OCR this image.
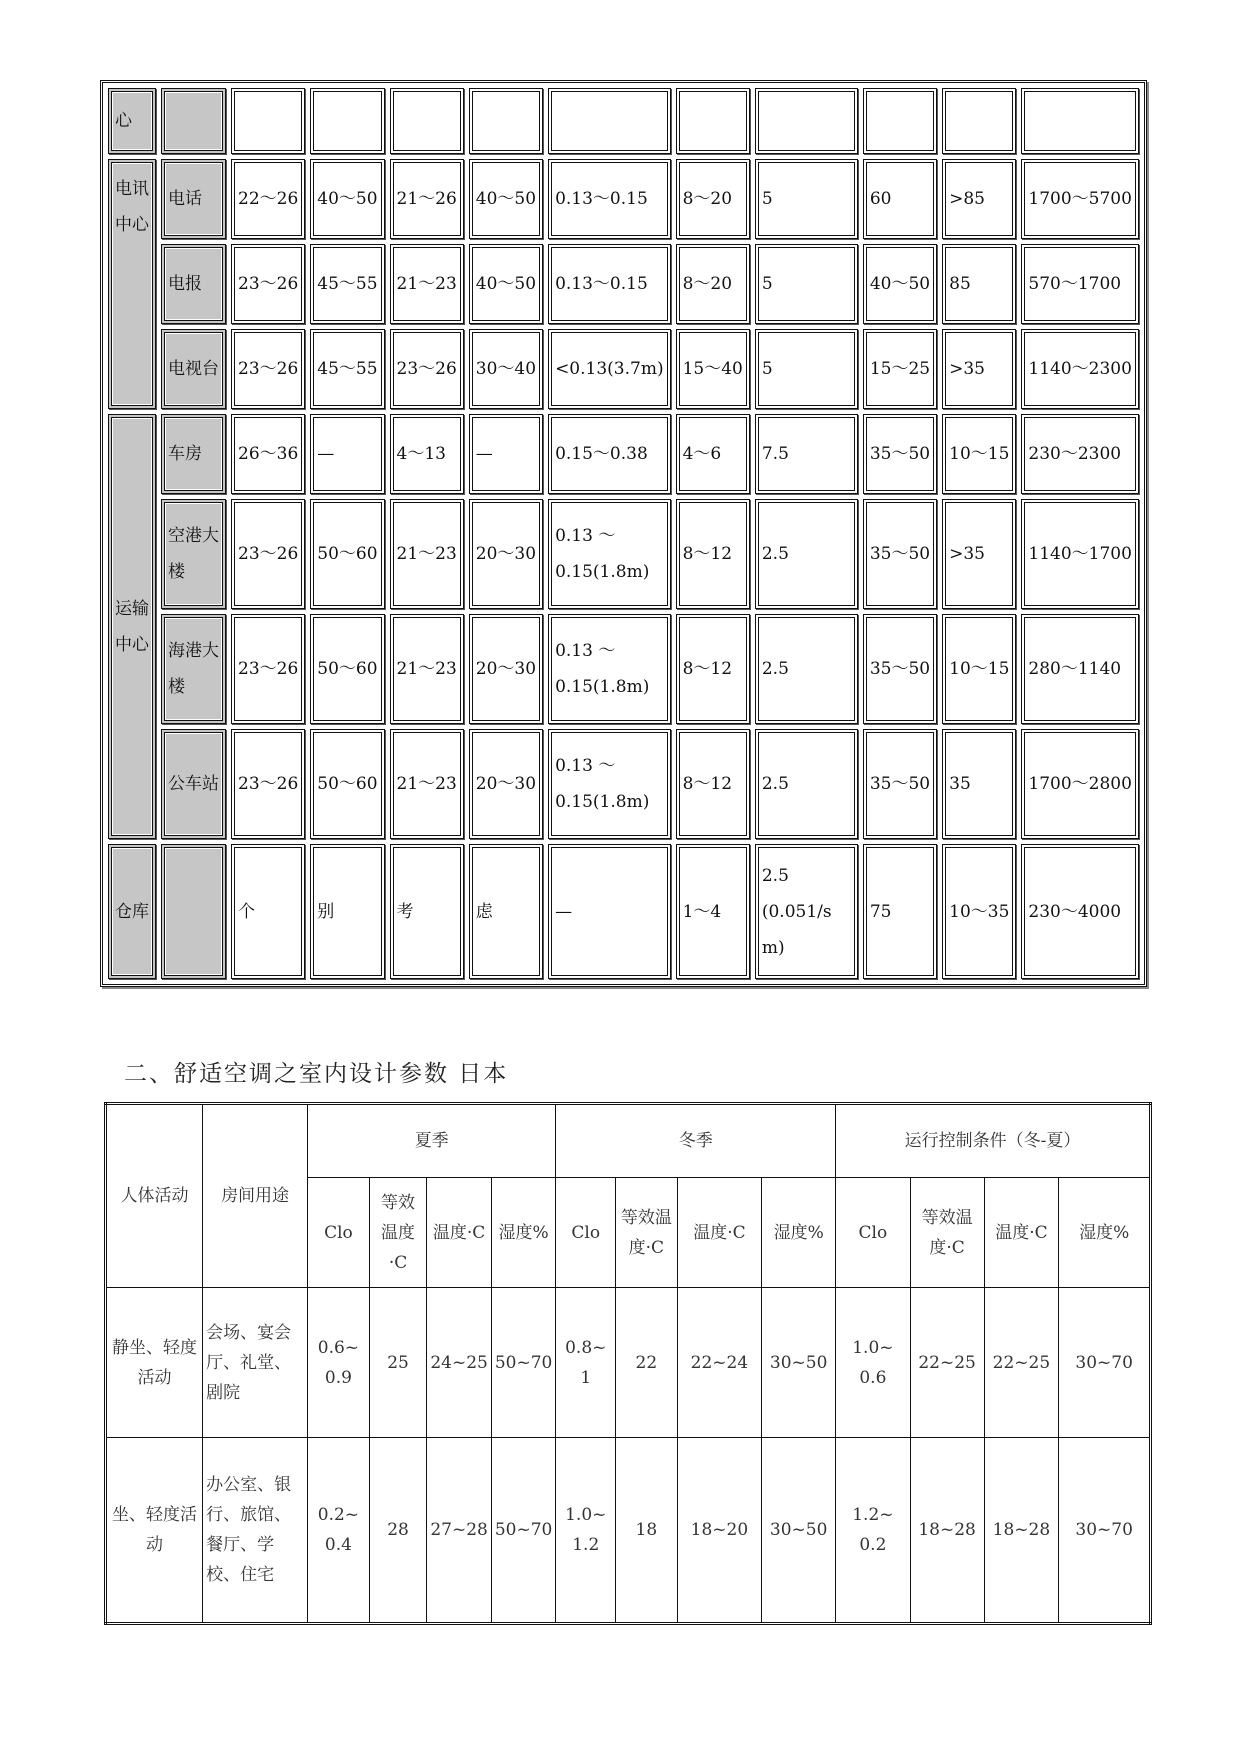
心											
电讯中心	电话	22～26	40～50	21～26	40～50	0.13～0.15	8～20	5	60	>85	1700～5700
	电报	23～26	45～55	21～23	40～50	0.13～0.15	8～20	5	40～50	85	570～1700
	电视台	23～26	45～55	23～26	30～40	<0.13(3.7m)	15～40	5	15～25	>35	1140～2300
运输中心	车房	26～36	—	4～13	—	0.15～0.38	4～6	7.5	35～50	10～15	230～2300
	空港大楼	23～26	50～60	21～23	20～30	0.13 ～0.15(1.8m)	8～12	2.5	35～50	>35	1140～1700
	海港大楼	23～26	50～60	21～23	20～30	0.13 ～0.15(1.8m)	8～12	2.5	35～50	10～15	280～1140
	公车站	23～26	50～60	21～23	20～30	0.13 ～0.15(1.8m)	8～12	2.5	35～50	35	1700～2800
仓库		个	别	考	虑	—	1～4	2.5 (0.051/s m)	75	10～35	230～4000
二、舒适空调之室内设计参数 日本
人体活动	房间用途	夏季				冬季				运行控制条件（冬-夏）			
		Clo	等效温度 ·C	温度·C	湿度%	Clo	等效温度·C	温度·C	湿度%	Clo	等效温度·C	温度·C	湿度%
静坐、轻度活动	会场、宴会厅、礼堂、剧院	0.6~ 0.9	25	24~25	50~70	0.8~ 1	22	22~24	30~50	1.0~ 0.6	22~25	22~25	30~70
坐、轻度活动	办公室、银行、旅馆、餐厅、学校、住宅	0.2~ 0.4	28	27~28	50~70	1.0~ 1.2	18	18~20	30~50	1.2~ 0.2	18~28	18~28	30~70
